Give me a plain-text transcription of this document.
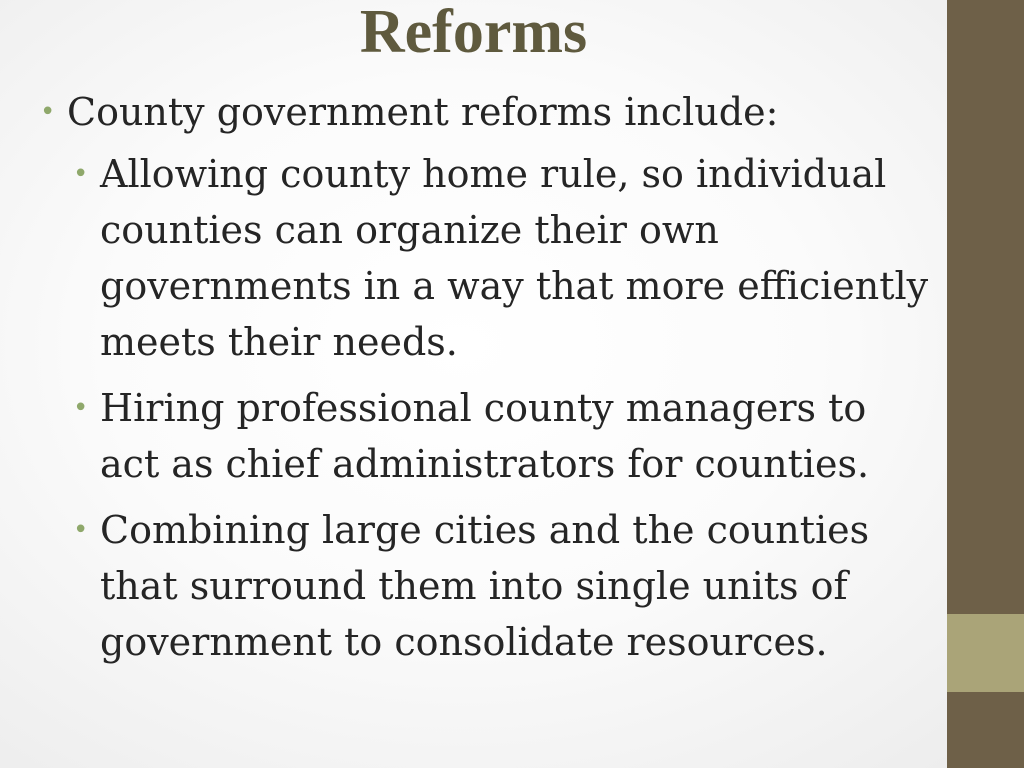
Reforms
• County government reforms include:
• Allowing county home rule, so individual counties can organize their own governments in a way that more efficiently meets their needs.
• Hiring professional county managers to act as chief administrators for counties.
• Combining large cities and the counties that surround them into single units of government to consolidate resources.
